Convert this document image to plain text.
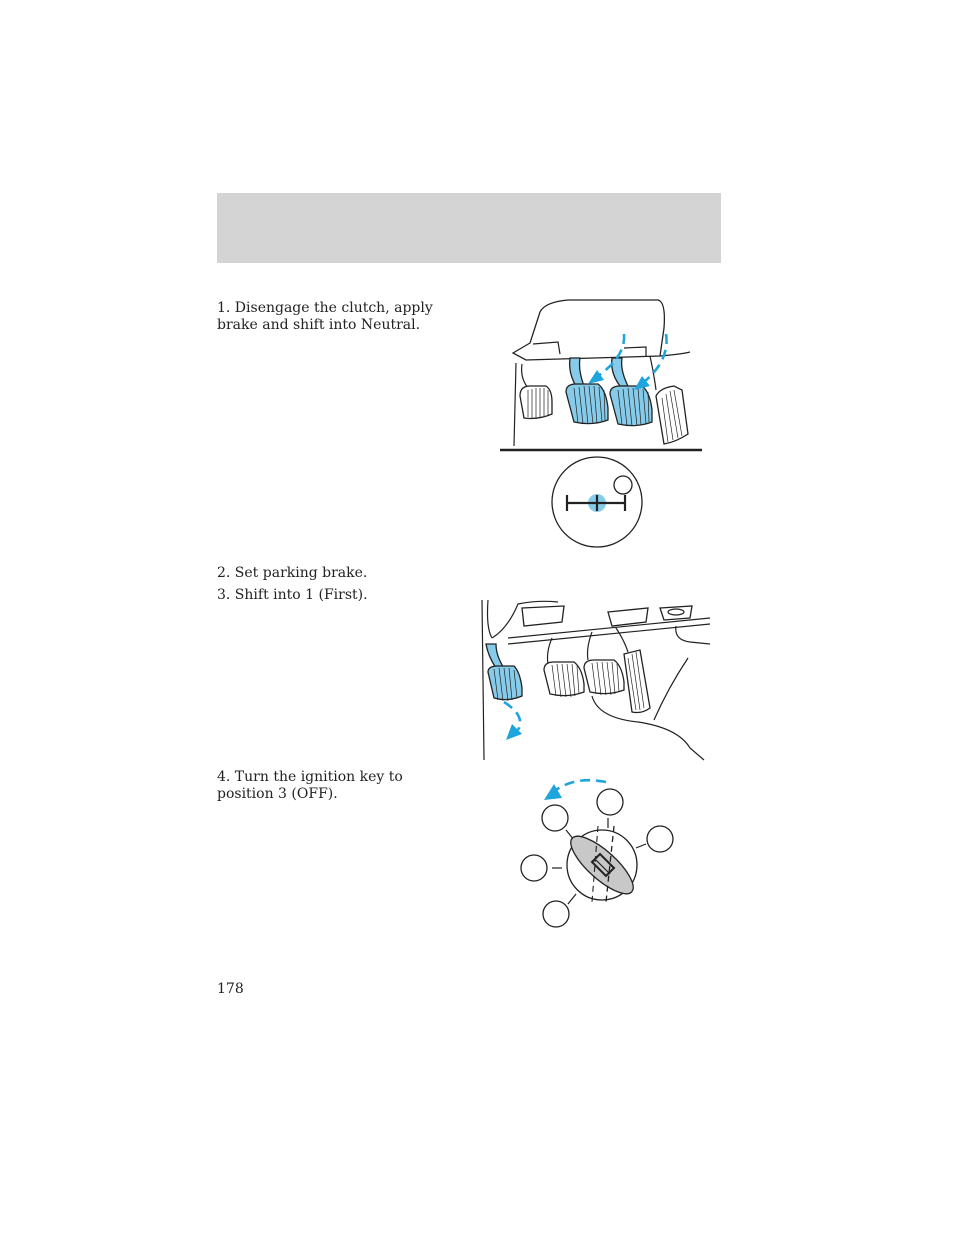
1. Disengage the clutch, apply brake and shift into Neutral.
2. Set parking brake.
3. Shift into 1 (First).
4. Turn the ignition key to position 3 (OFF).
178
